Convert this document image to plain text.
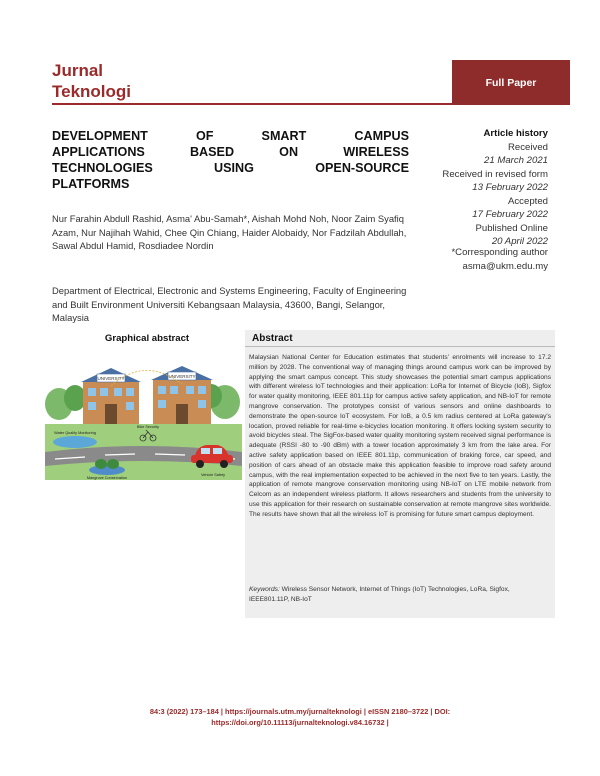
Jurnal
Teknologi	Full Paper
DEVELOPMENT OF SMART CAMPUS
APPLICATIONS BASED ON WIRELESS
TECHNOLOGIES USING OPEN-SOURCE
PLATFORMS
Nur Farahin Abdull Rashid, Asma' Abu-Samah*, Aishah Mohd Noh, Noor Zaim Syafiq Azam, Nur Najihah Wahid, Chee Qin Chiang, Haider Alobaidy, Nor Fadzilah Abdullah, Sawal Abdul Hamid, Rosdiadee Nordin
Department of Electrical, Electronic and Systems Engineering, Faculty of Engineering and Built Environment Universiti Kebangsaan Malaysia, 43600, Bangi, Selangor, Malaysia
Article history
Received
21 March 2021
Received in revised form
13 February 2022
Accepted
17 February 2022
Published Online
20 April 2022
*Corresponding author
asma@ukm.edu.my
Graphical abstract
UNIVERSITY	UNIVERSITY
Water Quality Monitoring
Bike Security
Mangrove Conservation
Vehicle Safety
Abstract
Malaysian National Center for Education estimates that students' enrolments will increase to 17.2 million by 2028. The conventional way of managing things around campus work can be improved by applying the smart campus concept. This study showcases the potential smart campus applications with different wireless IoT technologies and their application: LoRa for Internet of Bicycle (IoB), Sigfox for water quality monitoring, IEEE 801.11p for campus active safety application, and NB-IoT for remote mangrove conservation. The prototypes consist of various sensors and online dashboards to demonstrate the open-source IoT ecosystem. For IoB, a 0.5 km radius centered at LoRa gateway's location, proved reliable for real-time e-bicycles location monitoring. It offers locking system security to avoid bicycles steal. The SigFox-based water quality monitoring system received signal performance is adequate (RSSI -80 to -90 dBm) with a tower location approximately 3 km from the lake area. For active safety application based on IEEE 801.11p, communication of braking force, car speed, and position of cars ahead of an obstacle make this application feasible to improve road safety around campus, with the real implementation expected to be achieved in the next five to ten years. Lastly, the application of remote mangrove conservation monitoring using NB-IoT on LTE mobile network from Celcom as an independent wireless platform. It allows researchers and students from the university to use this application for their research on sustainable conservation at remote mangrove sites worldwide. The results have shown that all the wireless IoT is promising for future smart campus deployment.
Keywords: Wireless Sensor Network, Internet of Things (IoT) Technologies, LoRa, Sigfox, IEEE801.11P, NB-IoT
84:3 (2022) 173–184 | https://journals.utm.my/jurnalteknologi | eISSN 2180–3722 | DOI:
https://doi.org/10.11113/jurnalteknologi.v84.16732 |
